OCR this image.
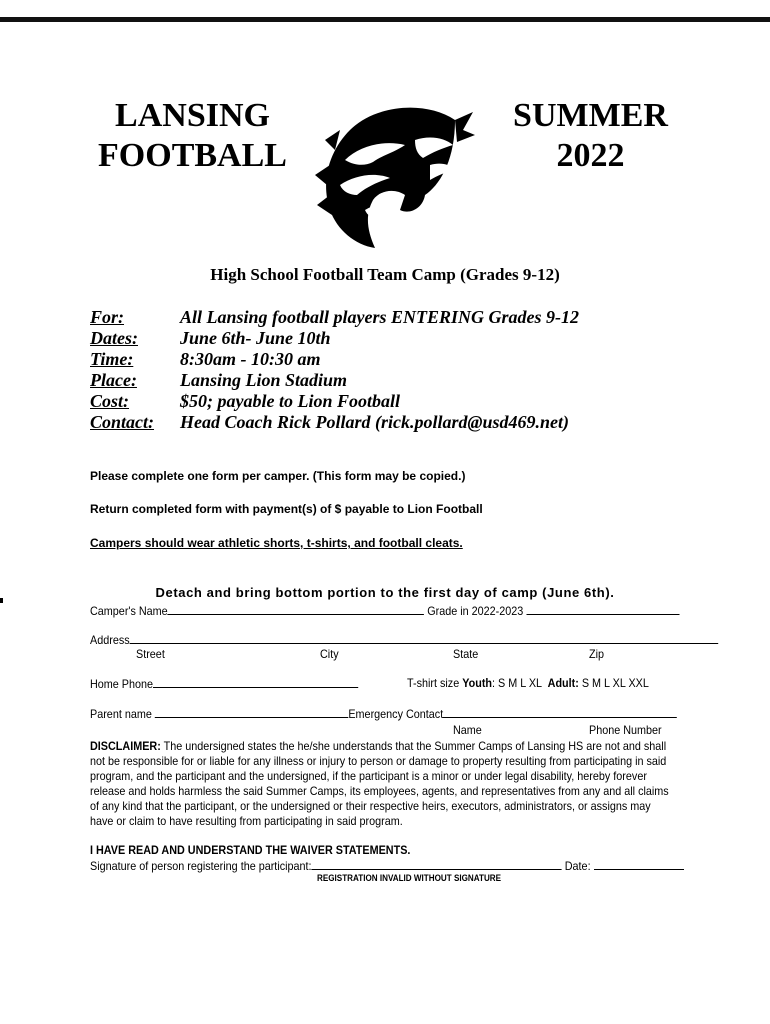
LANSING
FOOTBALL
SUMMER
2022
High School Football Team Camp (Grades 9-12)
For:	All Lansing football players ENTERING Grades 9-12
Dates:	June 6th- June 10th
Time:	8:30am - 10:30 am
Place:	Lansing Lion Stadium
Cost:	$50; payable to Lion Football
Contact:	Head Coach Rick Pollard (rick.pollard@usd469.net)
Please complete one form per camper. (This form may be copied.)
Return completed form with payment(s) of $ payable to Lion Football
Campers should wear athletic shorts, t-shirts, and football cleats.
Detach and bring bottom portion to the first day of camp (June 6th).
Camper's Name	Grade in 2022-2023
Address
Street	City	State	Zip
Home Phone	T-shirt size Youth: S M L XL Adult: S M L XL XXL
Parent name	Emergency Contact
Name	Phone Number
DISCLAIMER: The undersigned states the he/she understands that the Summer Camps of Lansing HS are not and shall not be responsible for or liable for any illness or injury to person or damage to property resulting from participating in said program, and the participant and the undersigned, if the participant is a minor or under legal disability, hereby forever release and holds harmless the said Summer Camps, its employees, agents, and representatives from any and all claims of any kind that the participant, or the undersigned or their respective heirs, executors, administrators, or assigns may have or claim to have resulting from participating in said program.
I HAVE READ AND UNDERSTAND THE WAIVER STATEMENTS.
Signature of person registering the participant:	Date:
REGISTRATION INVALID WITHOUT SIGNATURE
